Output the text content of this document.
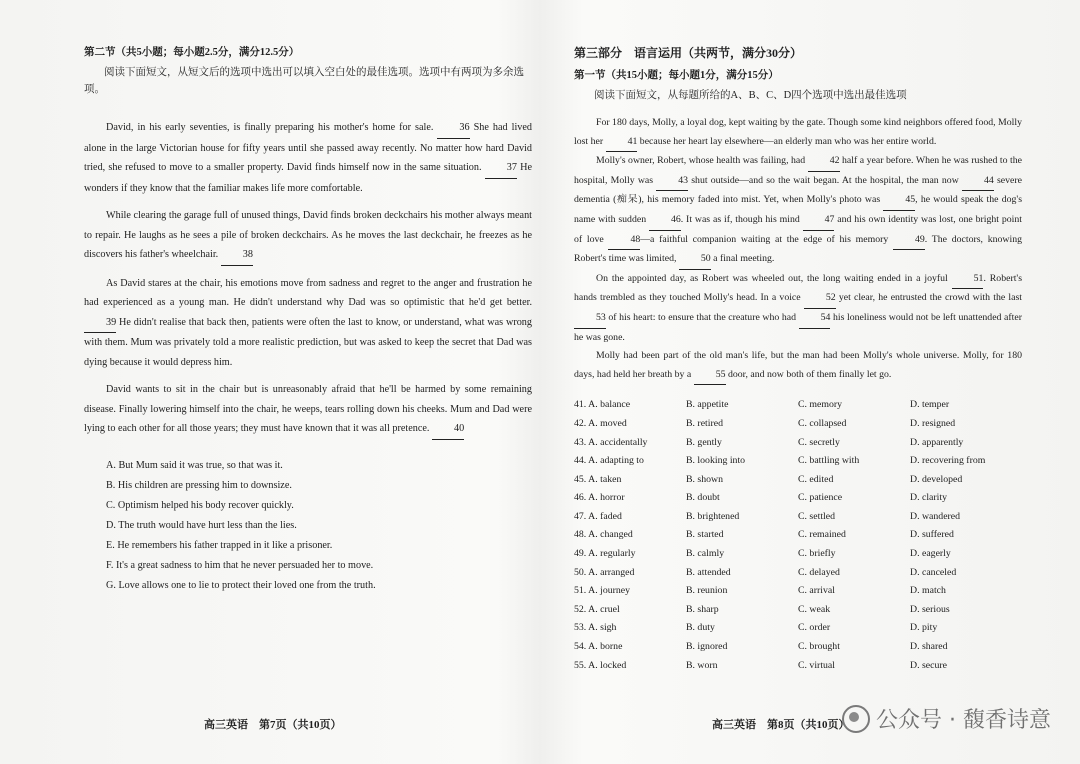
第二节（共5小题；每小题2.5分，满分12.5分）
阅读下面短文，从短文后的选项中选出可以填入空白处的最佳选项。选项中有两项为多余选项。
David, in his early seventies, is finally preparing his mother's home for sale. 36 She had lived alone in the large Victorian house for fifty years until she passed away recently. No matter how hard David tried, she refused to move to a smaller property. David finds himself now in the same situation. 37 He wonders if they know that the familiar makes life more comfortable.
While clearing the garage full of unused things, David finds broken deckchairs his mother always meant to repair. He laughs as he sees a pile of broken deckchairs. As he moves the last deckchair, he freezes as he discovers his father's wheelchair. 38
As David stares at the chair, his emotions move from sadness and regret to the anger and frustration he had experienced as a young man. He didn't understand why Dad was so optimistic that he'd get better. 39 He didn't realise that back then, patients were often the last to know, or understand, what was wrong with them. Mum was privately told a more realistic prediction, but was asked to keep the secret that Dad was dying because it would depress him.
David wants to sit in the chair but is unreasonably afraid that he'll be harmed by some remaining disease. Finally lowering himself into the chair, he weeps, tears rolling down his cheeks. Mum and Dad were lying to each other for all those years; they must have known that it was all pretence. 40
A. But Mum said it was true, so that was it.
B. His children are pressing him to downsize.
C. Optimism helped his body recover quickly.
D. The truth would have hurt less than the lies.
E. He remembers his father trapped in it like a prisoner.
F. It's a great sadness to him that he never persuaded her to move.
G. Love allows one to lie to protect their loved one from the truth.
第三部分　语言运用（共两节，满分30分）
第一节（共15小题；每小题1分，满分15分）
阅读下面短文，从每题所给的A、B、C、D四个选项中选出最佳选项
For 180 days, Molly, a loyal dog, kept waiting by the gate. Though some kind neighbors offered food, Molly lost her 41 because her heart lay elsewhere—an elderly man who was her entire world.
Molly's owner, Robert, whose health was failing, had 42 half a year before. When he was rushed to the hospital, Molly was 43 shut outside—and so the wait began. At the hospital, the man now 44 severe dementia (痴呆), his memory faded into mist. Yet, when Molly's photo was 45, he would speak the dog's name with sudden 46. It was as if, though his mind 47 and his own identity was lost, one bright point of love 48—a faithful companion waiting at the edge of his memory 49. The doctors, knowing Robert's time was limited, 50 a final meeting.
On the appointed day, as Robert was wheeled out, the long waiting ended in a joyful 51. Robert's hands trembled as they touched Molly's head. In a voice 52 yet clear, he entrusted the crowd with the last 53 of his heart: to ensure that the creature who had 54 his loneliness would not be left unattended after he was gone.
Molly had been part of the old man's life, but the man had been Molly's whole universe. Molly, for 180 days, had held her breath by a 55 door, and now both of them finally let go.
41. A. balance	B. appetite	C. memory	D. temper
42. A. moved	B. retired	C. collapsed	D. resigned
43. A. accidentally	B. gently	C. secretly	D. apparently
44. A. adapting to	B. looking into	C. battling with	D. recovering from
45. A. taken	B. shown	C. edited	D. developed
46. A. horror	B. doubt	C. patience	D. clarity
47. A. faded	B. brightened	C. settled	D. wandered
48. A. changed	B. started	C. remained	D. suffered
49. A. regularly	B. calmly	C. briefly	D. eagerly
50. A. arranged	B. attended	C. delayed	D. canceled
51. A. journey	B. reunion	C. arrival	D. match
52. A. cruel	B. sharp	C. weak	D. serious
53. A. sigh	B. duty	C. order	D. pity
54. A. borne	B. ignored	C. brought	D. shared
55. A. locked	B. worn	C. virtual	D. secure
高三英语　第7页（共10页）	高三英语　第8页（共10页） 公众号 · 馥香诗意
